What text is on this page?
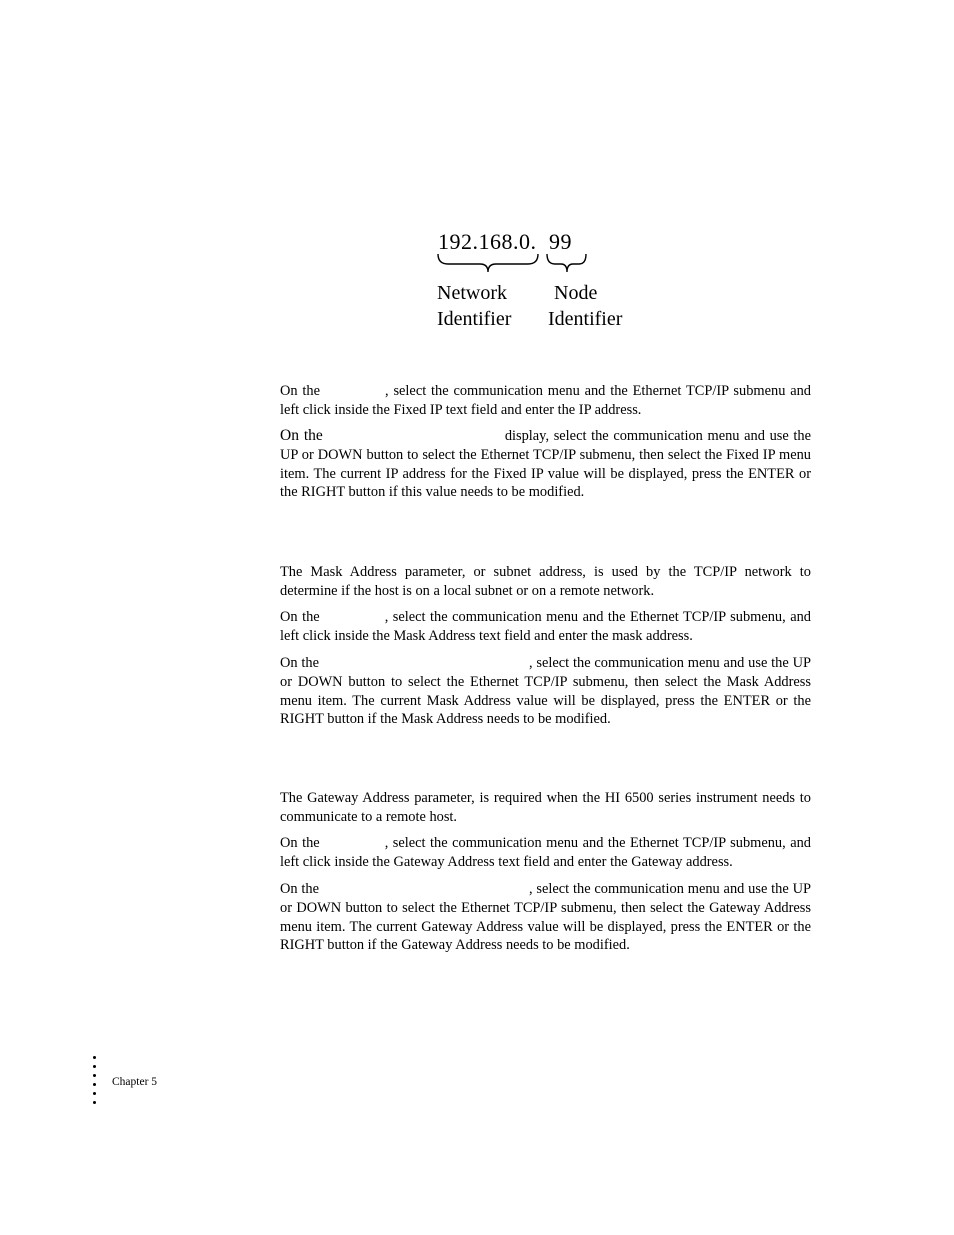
192.168.0. 99
Network
Identifier
Node
Identifier

On the	, select the communication menu and the Ethernet TCP/IP submenu and left click inside the Fixed IP text field and enter the IP address.

On the	display, select the communication menu and use the UP or DOWN button to select the Ethernet TCP/IP submenu, then select the Fixed IP menu item. The current IP address for the Fixed IP value will be displayed, press the ENTER or the RIGHT button if this value needs to be modified.

The Mask Address parameter, or subnet address, is used by the TCP/IP network to determine if the host is on a local subnet or on a remote network.

On the	, select the communication menu and the Ethernet TCP/IP submenu, and left click inside the Mask Address text field and enter the mask address.

On the	, select the communication menu and use the UP or DOWN button to select the Ethernet TCP/IP submenu, then select the Mask Address menu item. The current Mask Address value will be displayed, press the ENTER or the RIGHT button if the Mask Address needs to be modified.

The Gateway Address parameter, is required when the HI 6500 series instrument needs to communicate to a remote host.

On the	, select the communication menu and the Ethernet TCP/IP submenu, and left click inside the Gateway Address text field and enter the Gateway address.

On the	, select the communication menu and use the UP or DOWN button to select the Ethernet TCP/IP submenu, then select the Gateway Address menu item. The current Gateway Address value will be displayed, press the ENTER or the RIGHT button if the Gateway Address needs to be modified.

Chapter 5
